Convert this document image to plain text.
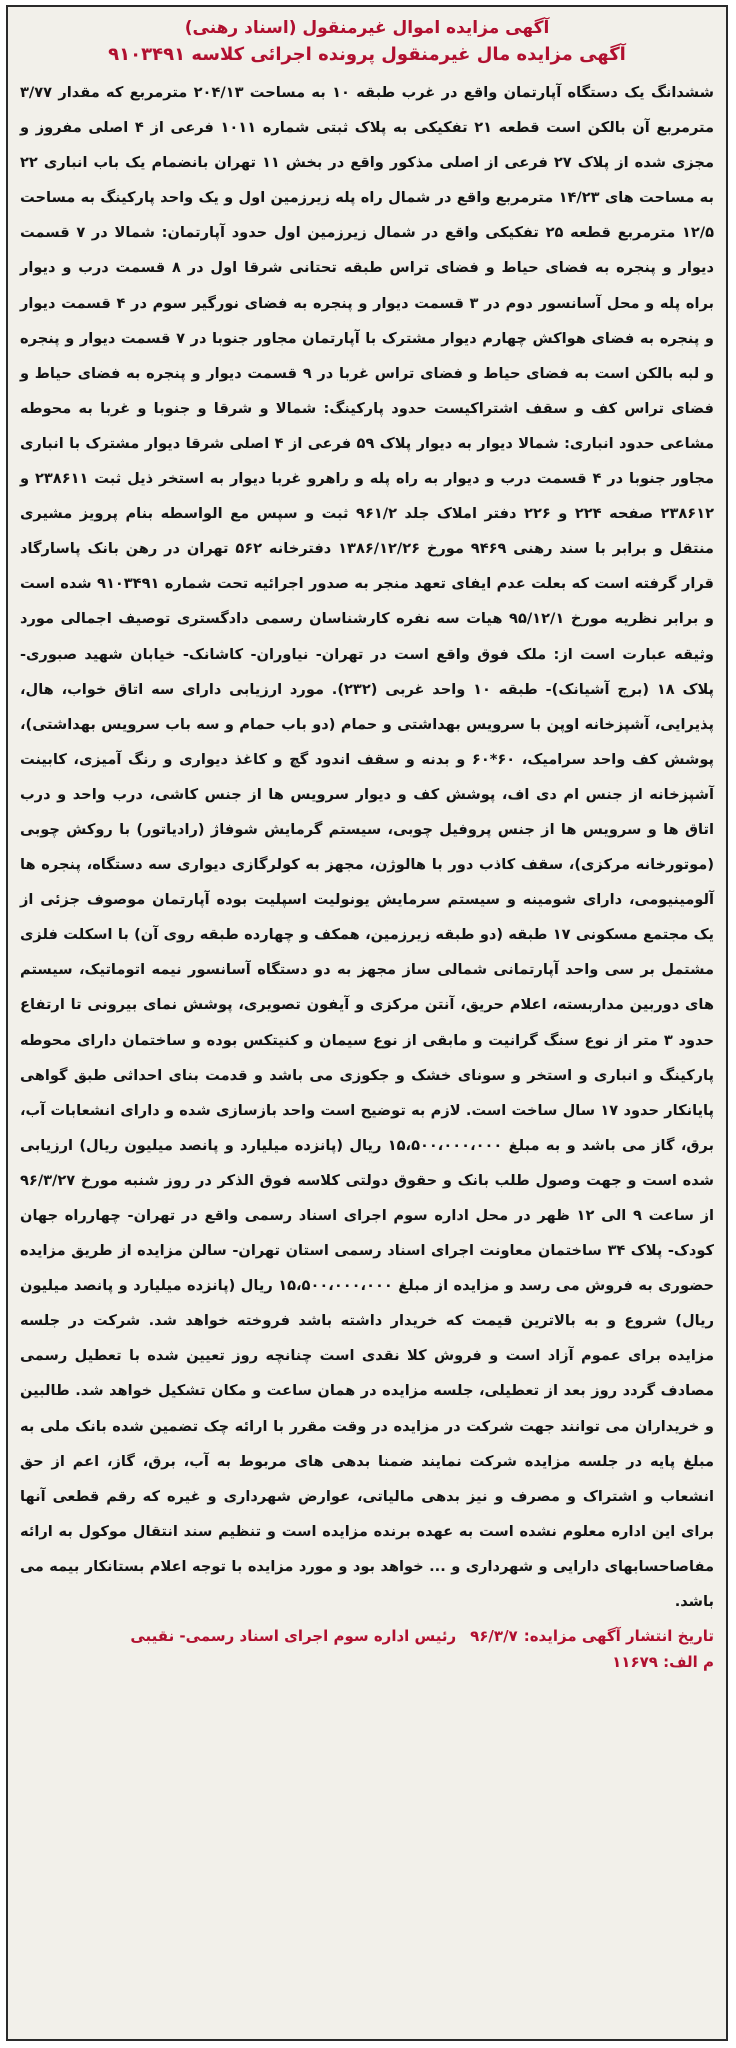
آگهی مزایده اموال غیرمنقول (اسناد رهنی)
آگهی مزایده مال غیرمنقول پرونده اجرائی کلاسه ۹۱۰۳۴۹۱

ششدانگ یک دستگاه آپارتمان واقع در غرب طبقه ۱۰ به مساحت ۲۰۴/۱۳ مترمربع که مقدار ۳/۷۷ مترمربع آن بالکن است قطعه ۲۱ تفکیکی به پلاک ثبتی شماره ۱۰۱۱ فرعی از ۴ اصلی مفروز و مجزی شده از پلاک ۲۷ فرعی از اصلی مذکور واقع در بخش ۱۱ تهران بانضمام یک باب انباری ۲۲ به مساحت های ۱۴/۲۳ مترمربع واقع در شمال راه پله زیرزمین اول و یک واحد پارکینگ به مساحت ۱۲/۵ مترمربع قطعه ۲۵ تفکیکی واقع در شمال زیرزمین اول حدود آپارتمان: شمالا در ۷ قسمت دیوار و پنجره به فضای حیاط و فضای تراس طبقه تحتانی شرقا اول در ۸ قسمت درب و دیوار براه پله و محل آسانسور دوم در ۳ قسمت دیوار و پنجره به فضای نورگیر سوم در ۴ قسمت دیوار و پنجره به فضای هواکش چهارم دیوار مشترک با آپارتمان مجاور جنوبا در ۷ قسمت دیوار و پنجره و لبه بالکن است به فضای حیاط و فضای تراس غربا در ۹ قسمت دیوار و پنجره به فضای حیاط و فضای تراس کف و سقف اشتراکیست حدود پارکینگ: شمالا و شرقا و جنوبا و غربا به محوطه مشاعی حدود انباری: شمالا دیوار به دیوار پلاک ۵۹ فرعی از ۴ اصلی شرقا دیوار مشترک با انباری مجاور جنوبا در ۴ قسمت درب و دیوار به راه پله و راهرو غربا دیوار به استخر ذیل ثبت ۲۳۸۶۱۱ و ۲۳۸۶۱۲ صفحه ۲۲۴ و ۲۲۶ دفتر املاک جلد ۹۶۱/۲ ثبت و سپس مع الواسطه بنام پرویز مشیری منتقل و برابر با سند رهنی ۹۴۶۹ مورخ ۱۳۸۶/۱۲/۲۶ دفترخانه ۵۶۲ تهران در رهن بانک پاسارگاد قرار گرفته است که بعلت عدم ایفای تعهد منجر به صدور اجرائیه تحت شماره ۹۱۰۳۴۹۱ شده است و برابر نظریه مورخ ۹۵/۱۲/۱ هیات سه نفره کارشناسان رسمی دادگستری توصیف اجمالی مورد وثیقه عبارت است از: ملک فوق واقع است در تهران- نیاوران- کاشانک- خیابان شهید صبوری- پلاک ۱۸ (برج آشیانک)- طبقه ۱۰ واحد غربی (۲۳۲). مورد ارزیابی دارای سه اتاق خواب، هال، پذیرایی، آشپزخانه اوپن با سرویس بهداشتی و حمام (دو باب حمام و سه باب سرویس بهداشتی)، پوشش کف واحد سرامیک، ۶۰*۶۰ و بدنه و سقف اندود گچ و کاغذ دیواری و رنگ آمیزی، کابینت آشپزخانه از جنس ام دی اف، پوشش کف و دیوار سرویس ها از جنس کاشی، درب واحد و درب اتاق ها و سرویس ها از جنس پروفیل چوبی، سیستم گرمایش شوفاژ (رادیاتور) با روکش چوبی (موتورخانه مرکزی)، سقف کاذب دور با هالوژن، مجهز به کولرگازی دیواری سه دستگاه، پنجره ها آلومینیومی، دارای شومینه و سیستم سرمایش یونولیت اسپلیت بوده آپارتمان موصوف جزئی از یک مجتمع مسکونی ۱۷ طبقه (دو طبقه زیرزمین، همکف و چهارده طبقه روی آن) با اسکلت فلزی مشتمل بر سی واحد آپارتمانی شمالی ساز مجهز به دو دستگاه آسانسور نیمه اتوماتیک، سیستم های دوربین مداربسته، اعلام حریق، آنتن مرکزی و آیفون تصویری، پوشش نمای بیرونی تا ارتفاع حدود ۳ متر از نوع سنگ گرانیت و مابقی از نوع سیمان و کنیتکس بوده و ساختمان دارای محوطه پارکینگ و انباری و استخر و سونای خشک و جکوزی می باشد و قدمت بنای احداثی طبق گواهی پایانکار حدود ۱۷ سال ساخت است. لازم به توضیح است واحد بازسازی شده و دارای انشعابات آب، برق، گاز می باشد و به مبلغ ۱۵،۵۰۰،۰۰۰،۰۰۰ ریال (پانزده میلیارد و پانصد میلیون ریال) ارزیابی شده است و جهت وصول طلب بانک و حقوق دولتی کلاسه فوق الذکر در روز شنبه مورخ ۹۶/۳/۲۷ از ساعت ۹ الی ۱۲ ظهر در محل اداره سوم اجرای اسناد رسمی واقع در تهران- چهارراه جهان کودک- پلاک ۳۴ ساختمان معاونت اجرای اسناد رسمی استان تهران- سالن مزایده از طریق مزایده حضوری به فروش می رسد و مزایده از مبلغ ۱۵،۵۰۰،۰۰۰،۰۰۰ ریال (پانزده میلیارد و پانصد میلیون ریال) شروع و به بالاترین قیمت که خریدار داشته باشد فروخته خواهد شد. شرکت در جلسه مزایده برای عموم آزاد است و فروش کلا نقدی است چنانچه روز تعیین شده با تعطیل رسمی مصادف گردد روز بعد از تعطیلی، جلسه مزایده در همان ساعت و مکان تشکیل خواهد شد. طالبین و خریداران می توانند جهت شرکت در مزایده در وقت مقرر با ارائه چک تضمین شده بانک ملی به مبلغ پایه در جلسه مزایده شرکت نمایند ضمنا بدهی های مربوط به آب، برق، گاز، اعم از حق انشعاب و اشتراک و مصرف و نیز بدهی مالیاتی، عوارض شهرداری و غیره که رقم قطعی آنها برای این اداره معلوم نشده است به عهده برنده مزایده است و تنظیم سند انتقال موکول به ارائه مفاصاحسابهای دارایی و شهرداری و ... خواهد بود و مورد مزایده با توجه اعلام بستانکار بیمه می باشد.

تاریخ انتشار آگهی مزایده:۹۶/۳/۷رئیس اداره سوم اجرای اسناد رسمی- نقیبی
م الف: ۱۱۶۷۹
